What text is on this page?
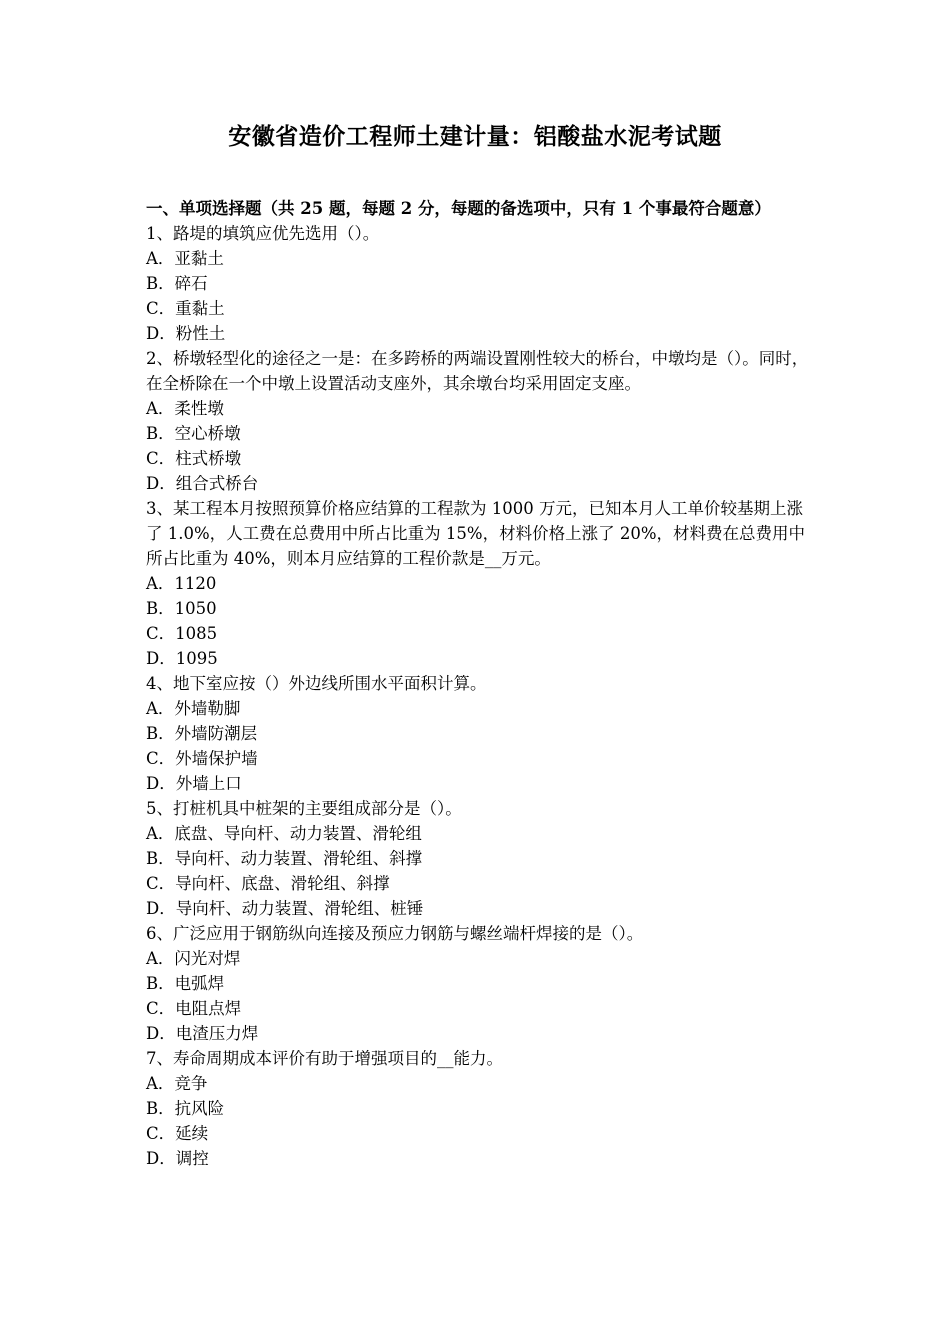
安徽省造价工程师土建计量：铝酸盐水泥考试题
一、单项选择题（共 25 题，每题 2 分，每题的备选项中，只有 1 个事最符合题意）
1、路堤的填筑应优先选用（）。
A．亚黏土
B．碎石
C．重黏土
D．粉性土
2、桥墩轻型化的途径之一是：在多跨桥的两端设置刚性较大的桥台，中墩均是（）。同时，在全桥除在一个中墩上设置活动支座外，其余墩台均采用固定支座。
A．柔性墩
B．空心桥墩
C．柱式桥墩
D．组合式桥台
3、某工程本月按照预算价格应结算的工程款为 1000 万元，已知本月人工单价较基期上涨了 1.0%，人工费在总费用中所占比重为 15%，材料价格上涨了 20%，材料费在总费用中所占比重为 40%，则本月应结算的工程价款是__万元。
A．1120
B．1050
C．1085
D．1095
4、地下室应按（）外边线所围水平面积计算。
A．外墙勒脚
B．外墙防潮层
C．外墙保护墙
D．外墙上口
5、打桩机具中桩架的主要组成部分是（）。
A．底盘、导向杆、动力装置、滑轮组
B．导向杆、动力装置、滑轮组、斜撑
C．导向杆、底盘、滑轮组、斜撑
D．导向杆、动力装置、滑轮组、桩锤
6、广泛应用于钢筋纵向连接及预应力钢筋与螺丝端杆焊接的是（）。
A．闪光对焊
B．电弧焊
C．电阻点焊
D．电渣压力焊
7、寿命周期成本评价有助于增强项目的__能力。
A．竞争
B．抗风险
C．延续
D．调控
